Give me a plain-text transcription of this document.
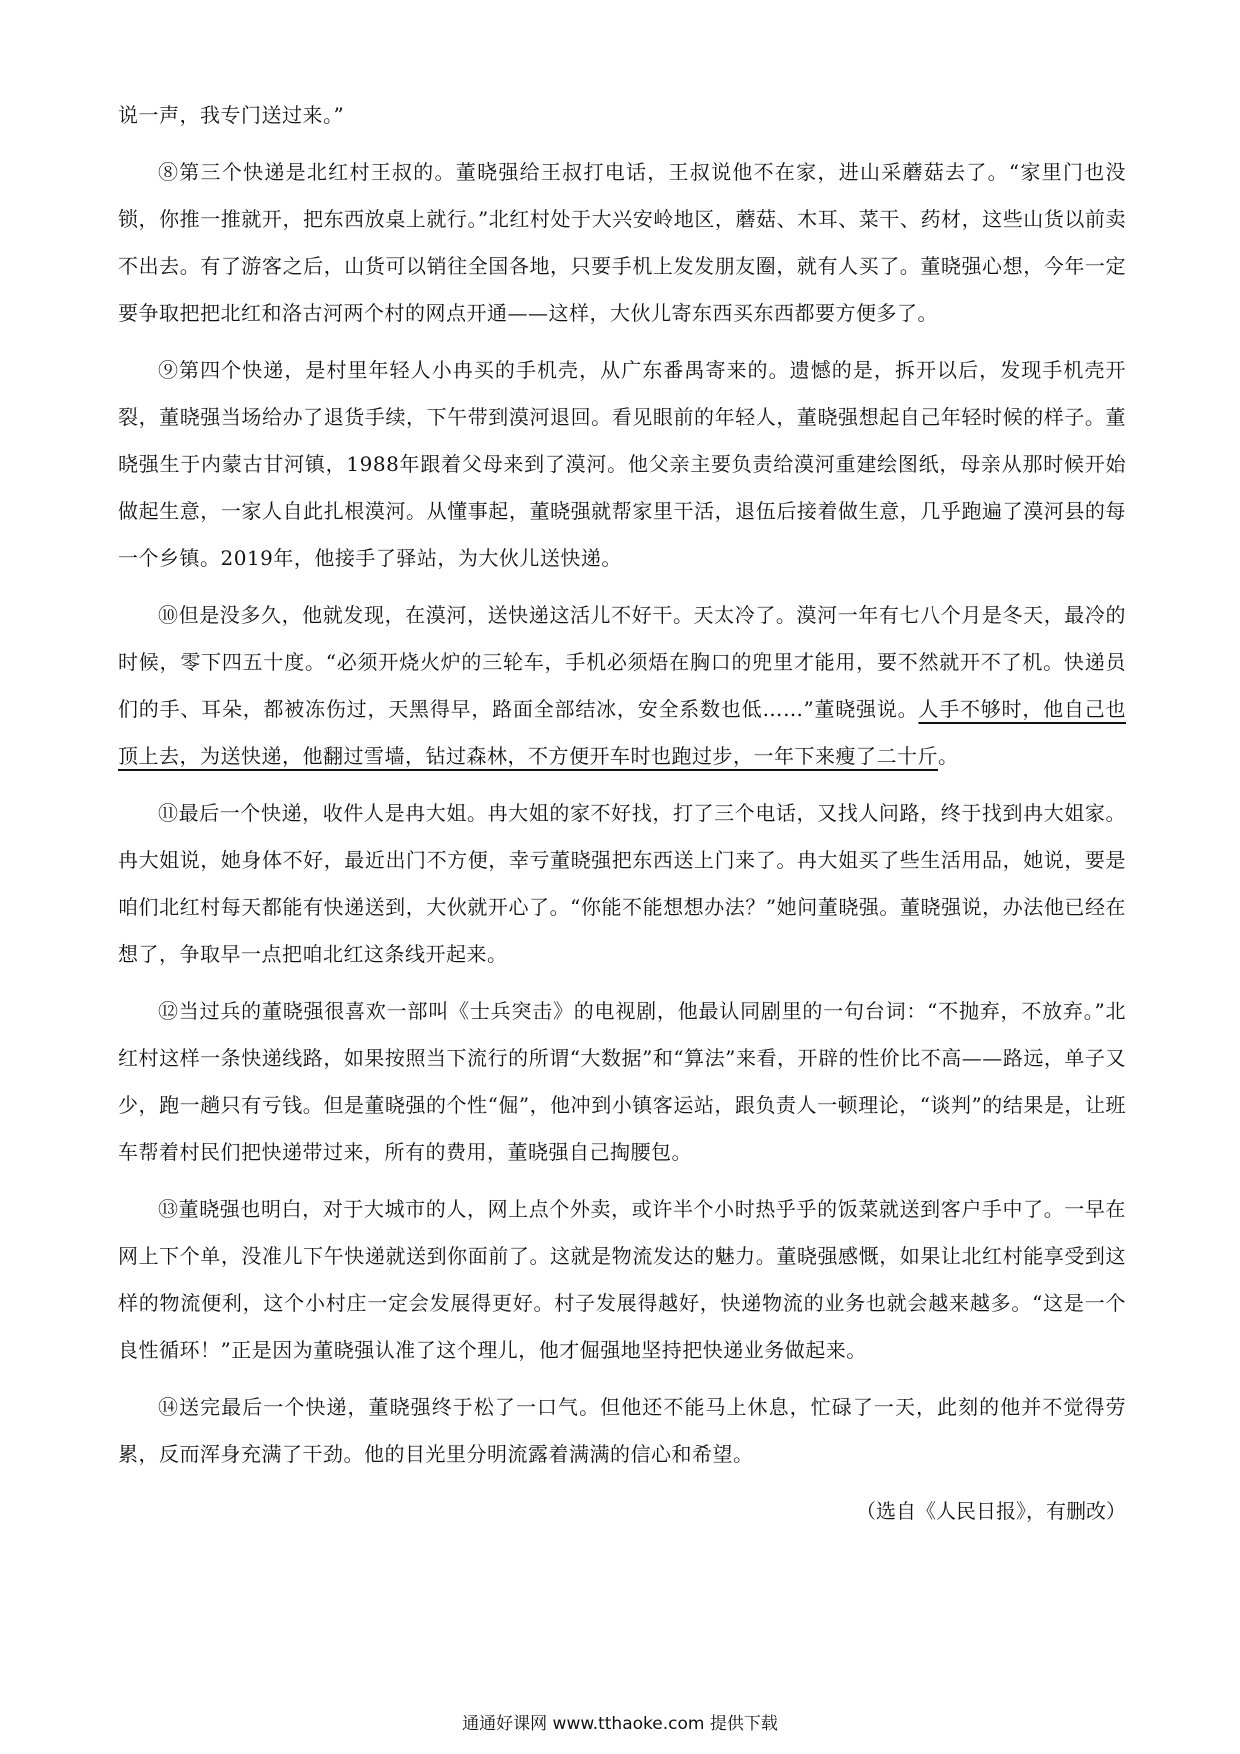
说一声，我专门送过来。”

⑧第三个快递是北红村王叔的。董晓强给王叔打电话，王叔说他不在家，进山采蘑菇去了。“家里门也没锁，你推一推就开，把东西放桌上就行。”北红村处于大兴安岭地区，蘑菇、木耳、菜干、药材，这些山货以前卖不出去。有了游客之后，山货可以销往全国各地，只要手机上发发朋友圈，就有人买了。董晓强心想，今年一定要争取把把北红和洛古河两个村的网点开通——这样，大伙儿寄东西买东西都要方便多了。

⑨第四个快递，是村里年轻人小冉买的手机壳，从广东番禺寄来的。遗憾的是，拆开以后，发现手机壳开裂，董晓强当场给办了退货手续，下午带到漠河退回。看见眼前的年轻人，董晓强想起自己年轻时候的样子。董晓强生于内蒙古甘河镇，1988年跟着父母来到了漠河。他父亲主要负责给漠河重建绘图纸，母亲从那时候开始做起生意，一家人自此扎根漠河。从懂事起，董晓强就帮家里干活，退伍后接着做生意，几乎跑遍了漠河县的每一个乡镇。2019年，他接手了驿站，为大伙儿送快递。

⑩但是没多久，他就发现，在漠河，送快递这活儿不好干。天太冷了。漠河一年有七八个月是冬天，最冷的时候，零下四五十度。“必须开烧火炉的三轮车，手机必须焐在胸口的兜里才能用，要不然就开不了机。快递员们的手、耳朵，都被冻伤过，天黑得早，路面全部结冰，安全系数也低……”董晓强说。人手不够时，他自己也顶上去，为送快递，他翻过雪墙，钻过森林，不方便开车时也跑过步，一年下来瘦了二十斤。

⑪最后一个快递，收件人是冉大姐。冉大姐的家不好找，打了三个电话，又找人问路，终于找到冉大姐家。冉大姐说，她身体不好，最近出门不方便，幸亏董晓强把东西送上门来了。冉大姐买了些生活用品，她说，要是咱们北红村每天都能有快递送到，大伙就开心了。“你能不能想想办法？”她问董晓强。董晓强说，办法他已经在想了，争取早一点把咱北红这条线开起来。

⑫当过兵的董晓强很喜欢一部叫《士兵突击》的电视剧，他最认同剧里的一句台词：“不抛弃，不放弃。”北红村这样一条快递线路，如果按照当下流行的所谓“大数据”和“算法”来看，开辟的性价比不高——路远，单子又少，跑一趟只有亏钱。但是董晓强的个性“倔”，他冲到小镇客运站，跟负责人一顿理论，“谈判”的结果是，让班车帮着村民们把快递带过来，所有的费用，董晓强自己掏腰包。

⑬董晓强也明白，对于大城市的人，网上点个外卖，或许半个小时热乎乎的饭菜就送到客户手中了。一早在网上下个单，没准儿下午快递就送到你面前了。这就是物流发达的魅力。董晓强感慨，如果让北红村能享受到这样的物流便利，这个小村庄一定会发展得更好。村子发展得越好，快递物流的业务也就会越来越多。“这是一个良性循环！”正是因为董晓强认准了这个理儿，他才倔强地坚持把快递业务做起来。

⑭送完最后一个快递，董晓强终于松了一口气。但他还不能马上休息，忙碌了一天，此刻的他并不觉得劳累，反而浑身充满了干劲。他的目光里分明流露着满满的信心和希望。

（选自《人民日报》，有删改）

通通好课网 www.tthaoke.com 提供下载
